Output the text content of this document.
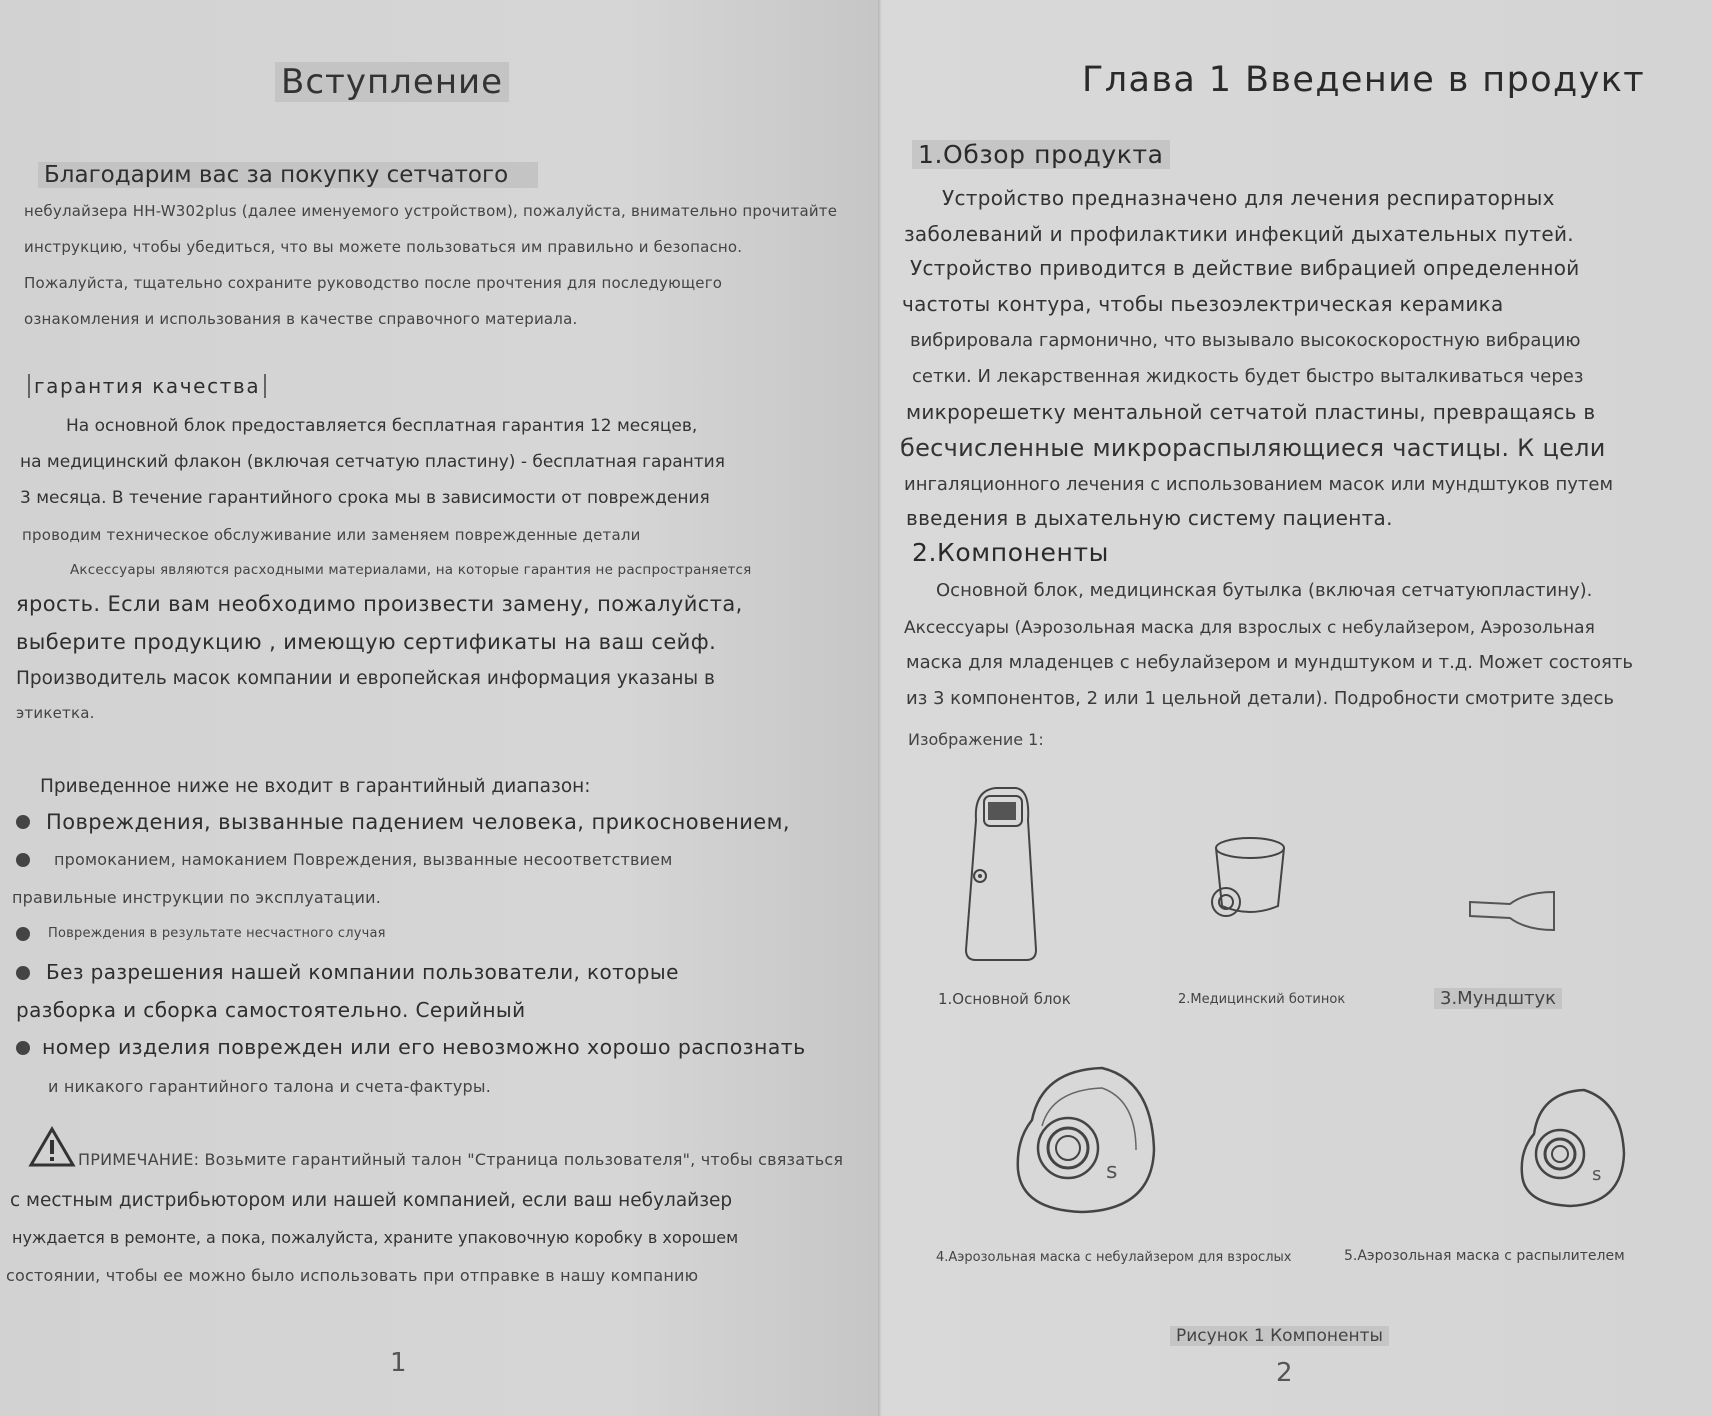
Вступление
Благодарим вас за покупку сетчатого
небулайзера HH-W302plus (далее именуемого устройством), пожалуйста, внимательно прочитайте
инструкцию, чтобы убедиться, что вы можете пользоваться им правильно и безопасно.
Пожалуйста, тщательно сохраните руководство после прочтения для последующего
ознакомления и использования в качестве справочного материала.
гарантия качества
На основной блок предоставляется бесплатная гарантия 12 месяцев,
на медицинский флакон (включая сетчатую пластину) - бесплатная гарантия
3 месяца. В течение гарантийного срока мы в зависимости от повреждения
проводим техническое обслуживание или заменяем поврежденные детали
Аксессуары являются расходными материалами, на которые гарантия не распространяется
ярость. Если вам необходимо произвести замену, пожалуйста,
выберите продукцию , имеющую сертификаты на ваш сейф.
Производитель масок компании и европейская информация указаны в
этикетка.
Приведенное ниже не входит в гарантийный диапазон:
Повреждения, вызванные падением человека, прикосновением,
промоканием, намоканием Повреждения, вызванные несоответствием
правильные инструкции по эксплуатации.
Повреждения в результате несчастного случая
Без разрешения нашей компании пользователи, которые
разборка и сборка самостоятельно. Серийный
номер изделия поврежден или его невозможно хорошо распознать
и никакого гарантийного талона и счета-фактуры.
ПРИМЕЧАНИЕ: Возьмите гарантийный талон "Страница пользователя", чтобы связаться
с местным дистрибьютором или нашей компанией, если ваш небулайзер
нуждается в ремонте, а пока, пожалуйста, храните упаковочную коробку в хорошем
состоянии, чтобы ее можно было использовать при отправке в нашу компанию
1
Глава 1 Введение в продукт
1.Обзор продукта
Устройство предназначено для лечения респираторных
заболеваний и профилактики инфекций дыхательных путей.
Устройство приводится в действие вибрацией определенной
частоты контура, чтобы пьезоэлектрическая керамика
вибрировала гармонично, что вызывало высокоскоростную вибрацию
сетки. И лекарственная жидкость будет быстро выталкиваться через
микрорешетку ментальной сетчатой пластины, превращаясь в
бесчисленные микрораспыляющиеся частицы. К цели
ингаляционного лечения с использованием масок или мундштуков путем
введения в дыхательную систему пациента.
2.Компоненты
Основной блок, медицинская бутылка (включая сетчатуюпластину).
Аксессуары (Аэрозольная маска для взрослых с небулайзером, Аэрозольная
маска для младенцев с небулайзером и мундштуком и т.д. Может состоять
из 3 компонентов, 2 или 1 цельной детали). Подробности смотрите здесь
Изображение 1:
s	s
1.Основной блок	2.Медицинский ботинок	3.Мундштук
4.Аэрозольная маска с небулайзером для взрослых	5.Аэрозольная маска с распылителем
Рисунок 1 Компоненты
2
